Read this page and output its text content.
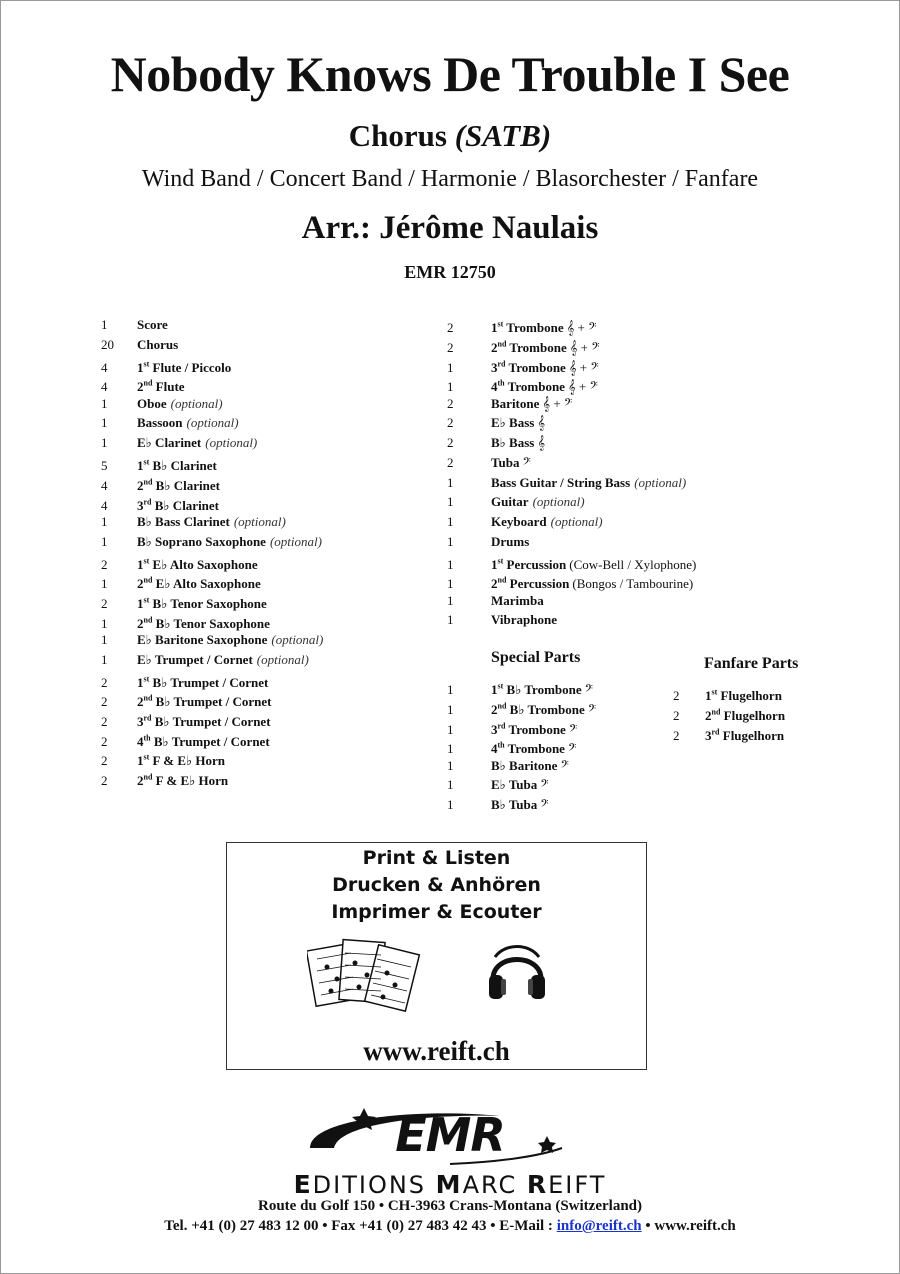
Nobody Knows De Trouble I See
Chorus (SATB)
Wind Band / Concert Band / Harmonie / Blasorchester / Fanfare
Arr.: Jérôme Naulais
EMR 12750
1 Score
20 Chorus
4 1st Flute / Piccolo
4 2nd Flute
1 Oboe (optional)
1 Bassoon (optional)
1 E♭ Clarinet (optional)
5 1st B♭ Clarinet
4 2nd B♭ Clarinet
4 3rd B♭ Clarinet
1 B♭ Bass Clarinet (optional)
1 B♭ Soprano Saxophone (optional)
2 1st E♭ Alto Saxophone
1 2nd E♭ Alto Saxophone
2 1st B♭ Tenor Saxophone
1 2nd B♭ Tenor Saxophone
1 E♭ Baritone Saxophone (optional)
1 E♭ Trumpet / Cornet (optional)
2 1st B♭ Trumpet / Cornet
2 2nd B♭ Trumpet / Cornet
2 3rd B♭ Trumpet / Cornet
2 4th B♭ Trumpet / Cornet
2 1st F & E♭ Horn
2 2nd F & E♭ Horn
2	1st Trombone 𝄞 + 𝄢
2	2nd Trombone 𝄞 + 𝄢
1	3rd Trombone 𝄞 + 𝄢
1	4th Trombone 𝄞 + 𝄢
2	Baritone 𝄞 + 𝄢
2	E♭ Bass 𝄞
2	B♭ Bass 𝄞
2	Tuba 𝄢
1	Bass Guitar / String Bass (optional)
1	Guitar (optional)
1	Keyboard (optional)
1	Drums
1	1st Percussion (Cow-Bell / Xylophone)
1	2nd Percussion (Bongos / Tambourine)
1	Marimba
1	Vibraphone
Special Parts
1	1st B♭ Trombone 𝄢
1	2nd B♭ Trombone 𝄢
1	3rd Trombone 𝄢
1	4th Trombone 𝄢
1	B♭ Baritone 𝄢
1	E♭ Tuba 𝄢
1	B♭ Tuba 𝄢
Fanfare Parts
2 1st Flugelhorn
2 2nd Flugelhorn
2 3rd Flugelhorn
Print & Listen
Drucken & Anhören
Imprimer & Ecouter
www.reift.ch
EMR
EDITIONS MARC REIFT
Route du Golf 150 • CH-3963 Crans-Montana (Switzerland)
Tel. +41 (0) 27 483 12 00 • Fax +41 (0) 27 483 42 43 • E-Mail : info@reift.ch • www.reift.ch
